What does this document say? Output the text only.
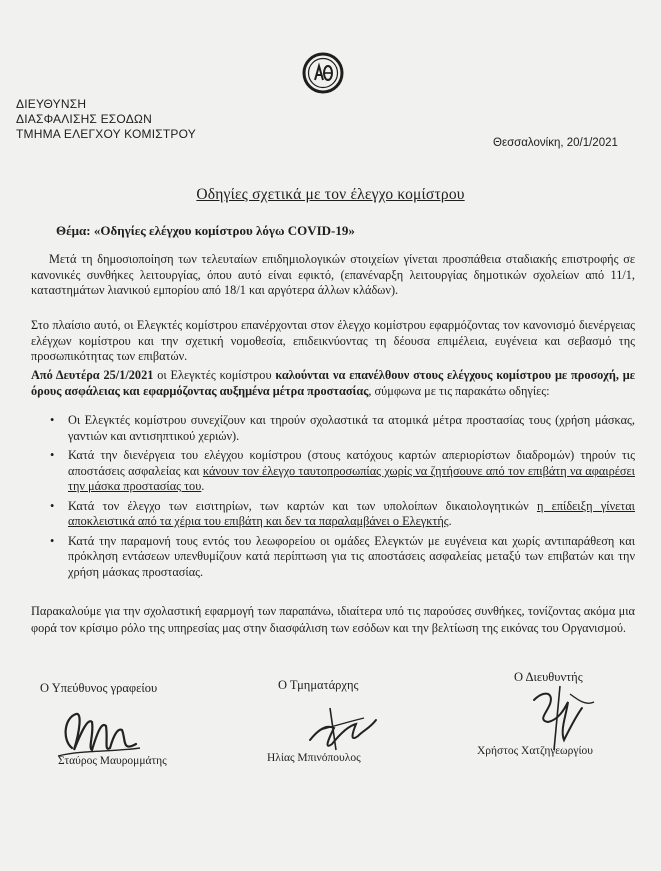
ΔΙΕΥΘΥΝΣΗ
ΔΙΑΣΦΑΛΙΣΗΣ ΕΣΟΔΩΝ
ΤΜΗΜΑ ΕΛΕΓΧΟΥ ΚΟΜΙΣΤΡΟΥ
Θεσσαλονίκη, 20/1/2021
Οδηγίες σχετικά με τον έλεγχο κομίστρου
Θέμα: «Οδηγίες ελέγχου κομίστρου λόγω COVID-19»
Μετά τη δημοσιοποίηση των τελευταίων επιδημιολογικών στοιχείων γίνεται προσπάθεια σταδιακής επιστροφής σε κανονικές συνθήκες λειτουργίας, όπου αυτό είναι εφικτό, (επανέναρξη λειτουργίας δημοτικών σχολείων από 11/1, καταστημάτων λιανικού εμπορίου από 18/1 και αργότερα άλλων κλάδων).
Στο πλαίσιο αυτό, οι Ελεγκτές κομίστρου επανέρχονται στον έλεγχο κομίστρου εφαρμόζοντας τον κανονισμό διενέργειας ελέγχων κομίστρου και την σχετική νομοθεσία, επιδεικνύοντας τη δέουσα επιμέλεια, ευγένεια και σεβασμό της προσωπικότητας των επιβατών.
Από Δευτέρα 25/1/2021 οι Ελεγκτές κομίστρου καλούνται να επανέλθουν στους ελέγχους κομίστρου με προσοχή, με όρους ασφάλειας και εφαρμόζοντας αυξημένα μέτρα προστασίας, σύμφωνα με τις παρακάτω οδηγίες:
• Οι Ελεγκτές κομίστρου συνεχίζουν και τηρούν σχολαστικά τα ατομικά μέτρα προστασίας τους (χρήση μάσκας, γαντιών και αντισηπτικού χεριών).
• Κατά την διενέργεια του ελέγχου κομίστρου (στους κατόχους καρτών απεριορίστων διαδρομών) τηρούν τις αποστάσεις ασφαλείας και κάνουν τον έλεγχο ταυτοπροσωπίας χωρίς να ζητήσουνε από τον επιβάτη να αφαιρέσει την μάσκα προστασίας του.
• Κατά τον έλεγχο των εισιτηρίων, των καρτών και των υπολοίπων δικαιολογητικών η επίδειξη γίνεται αποκλειστικά από τα χέρια του επιβάτη και δεν τα παραλαμβάνει ο Ελεγκτής.
• Κατά την παραμονή τους εντός του λεωφορείου οι ομάδες Ελεγκτών με ευγένεια και χωρίς αντιπαράθεση και πρόκληση εντάσεων υπενθυμίζουν κατά περίπτωση για τις αποστάσεις ασφαλείας μεταξύ των επιβατών και την χρήση μάσκας προστασίας.
Παρακαλούμε για την σχολαστική εφαρμογή των παραπάνω, ιδιαίτερα υπό τις παρούσες συνθήκες, τονίζοντας ακόμα μια φορά τον κρίσιμο ρόλο της υπηρεσίας μας στην διασφάλιση των εσόδων και την βελτίωση της εικόνας του Οργανισμού.
Ο Υπεύθυνος γραφείου
Σταύρος Μαυρομμάτης
Ο Τμηματάρχης
Ηλίας Μπινόπουλος
Ο Διευθυντής
Χρήστος Χατζηγεωργίου
